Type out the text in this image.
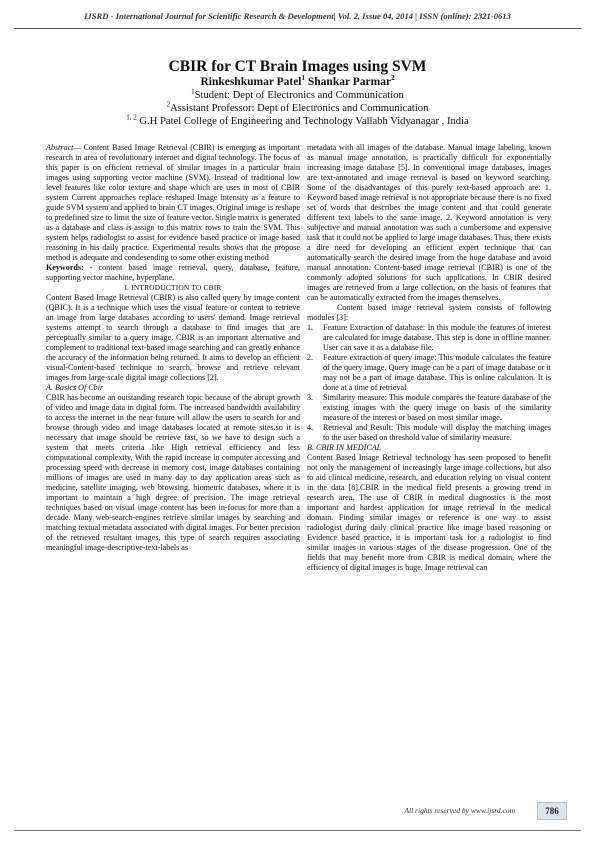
IJSRD - International Journal for Scientific Research & Development| Vol. 2, Issue 04, 2014 | ISSN (online): 2321-0613
CBIR for CT Brain Images using SVM
Rinkeshkumar Patel$^1$ Shankar Parmar$^2$
$^1$Student: Dept of Electronics and Communication
$^2$Assistant Professor: Dept of Electronics and Communication
$^{1, 2}$ G.H Patel College of Engineering and Technology Vallabh Vidyanagar , India

Abstract— Content Based Image Retrieval (CBIR) is emerging as important research in area of revolutionary internet and digital technology. The focus of this paper is on efficient retrieval of similar images in a particular brain images using supporting vector machine (SVM). Instead of traditional low level features like color texture and shape which are uses in most of CBIR system Current approaches replace reshaped Image intensity as a feature to guide SVM system and applied to brain CT images. Original image is reshape to predefined size to limit the size of feature vector. Single matrix is generated as a database and class is assign to this matrix rows to train the SVM. This system helps radiologist to assist for evidence based practice or image based reasoning in his daily practice. Experimental results shows that the propose method is adequate and condesending to some other existing method

Keywords: - content based image retrieval, query, database, feature, supporting vector machine, hyperplane.

I. INTRODUCTION TO CBIR

Content Based Image Retrieval (CBIR) is also called query by image content (QBIC). It is a technique which uses the visual feature or content to retrieve an image from large databases according to users' demand. Image retrieval systems attempt to search through a database to find images that are perceptually similar to a query image. CBIR is an important alternative and complement to traditional text-based image searching and can greatly enhance the accuracy of the information being returned. It aims to develop an efficient visual-Content-based technique to search, browse and retrieve relevant images from large-scale digital image collections [2].

A. Basics Of Cbir

CBIR has become an outstanding research topic because of the abrupt growth of video and image data in digital form. The increased bandwidth availability to access the internet in the near future will allow the users to search for and browse through video and image databases located at remote sites.so it is necessary that image should be retrieve fast, so we have to design such a system that meets criteria like High retrieval efficiency and less computational complexity, With the rapid increase in computer accessing and processing speed with decrease in memory cost, image databases containing millions of images are used in many day to day application areas such as medicine, satellite imaging, web browsing, biometric databases, where it is important to maintain a high degree of precision. The image retrieval techniques based on visual image content has been in-focus for more than a decade. Many web-search-engines retrieve similar images by searching and matching textual metadata associated with digital images. For better precision of the retrieved resultant images, this type of search requires associating meaningful image-descriptive-text-labels as

metadata with all images of the database. Manual image labeling, known as manual image annotation, is practically difficult for exponentially increasing image database [5]. In conventional image databases, images are text-annotated and image retrieval is based on keyword searching. Some of the disadvantages of this purely text-based approach are: 1. Keyword based image retrieval is not appropriate because there is no fixed set of words that describes the image content and that could generate different text labels to the same image. 2. Keyword annotation is very subjective and manual annotation was such a cumbersome and expensive task that it could not be applied to large image databases. Thus, there exists a dire need for developing an efficient expert technique that can automatically search the desired image from the huge database and avoid manual annotation. Content-based image retrieval (CBIR) is one of the commonly adopted solutions for such applications. In CBIR desired images are retrieved from a large collection, on the basis of features that can be automatically extracted from the images themselves.

Content based image retrieval system consists of following modules [3]:

1.	Feature Extraction of database: In this module the features of interest are calculated for image database. This step is done in offline manner. User can save it as a database file.
2.	Feature extraction of query image: This module calculates the feature of the query image. Query image can be a part of image database or it may not be a part of image database. This is online calculation. It is done at a time of retrieval
3.	Similarity measure: This module compares the feature database of the existing images with the query image on basis of the similarity measure of the interest or based on most similar image.
4.	Retrieval and Result: This module will display the matching images to the user based on threshold value of similarity measure.

B. CBIR IN MEDICAL

Content Based Image Retrieval technology has seen proposed to benefit not only the management of increasingly large image collections, but also to aid clinical medicine, research, and education relying on visual content in the data [8].CBIR in the medical field presents a growing trend in research area. The use of CBIR in medical diagnostics is the most important and hardest application for image retrieval in the medical domain. Finding similar images or reference is one way to assist radiologist during daily clinical practice like image based reasoning or Evidence based practice, it is important task for a radiologist to find similar images in various stages of the disease progression. One of the fields that may benefit more from CBIR is medical domain, where the efficiency of digital images is huge. Image retrieval can

All rights reserved by www.ijsrd.com	786
